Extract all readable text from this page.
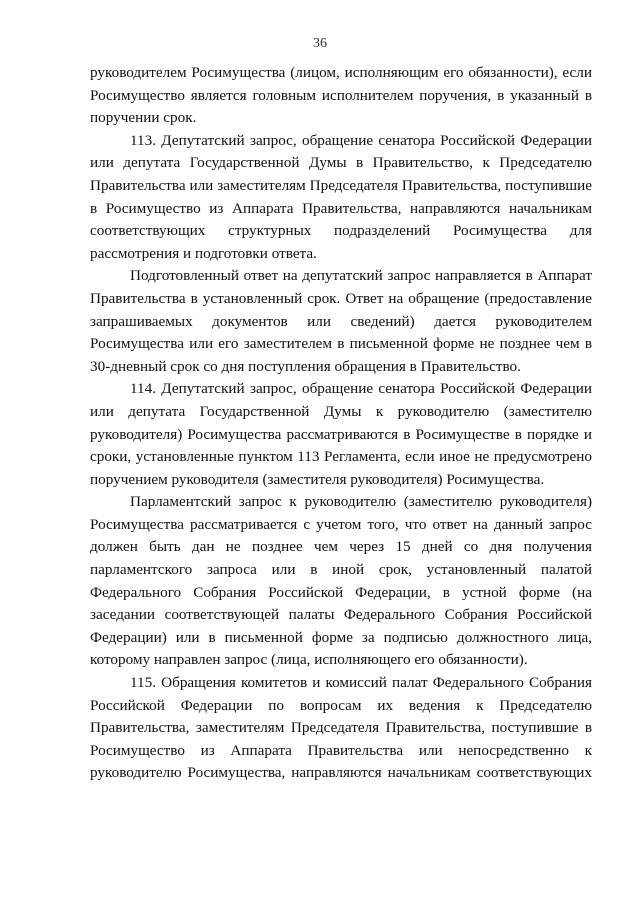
36

руководителем Росимущества (лицом, исполняющим его обязанности), если Росимущество является головным исполнителем поручения, в указанный в поручении срок.

113. Депутатский запрос, обращение сенатора Российской Федерации или депутата Государственной Думы в Правительство, к Председателю Правительства или заместителям Председателя Правительства, поступившие в Росимущество из Аппарата Правительства, направляются начальникам соответствующих структурных подразделений Росимущества для рассмотрения и подготовки ответа.

Подготовленный ответ на депутатский запрос направляется в Аппарат Правительства в установленный срок. Ответ на обращение (предоставление запрашиваемых документов или сведений) дается руководителем Росимущества или его заместителем в письменной форме не позднее чем в 30-дневный срок со дня поступления обращения в Правительство.

114. Депутатский запрос, обращение сенатора Российской Федерации или депутата Государственной Думы к руководителю (заместителю руководителя) Росимущества рассматриваются в Росимуществе в порядке и сроки, установленные пунктом 113 Регламента, если иное не предусмотрено поручением руководителя (заместителя руководителя) Росимущества.

Парламентский запрос к руководителю (заместителю руководителя) Росимущества рассматривается с учетом того, что ответ на данный запрос должен быть дан не позднее чем через 15 дней со дня получения парламентского запроса или в иной срок, установленный палатой Федерального Собрания Российской Федерации, в устной форме (на заседании соответствующей палаты Федерального Собрания Российской Федерации) или в письменной форме за подписью должностного лица, которому направлен запрос (лица, исполняющего его обязанности).

115. Обращения комитетов и комиссий палат Федерального Собрания Российской Федерации по вопросам их ведения к Председателю Правительства, заместителям Председателя Правительства, поступившие в Росимущество из Аппарата Правительства или непосредственно к руководителю Росимущества, направляются начальникам соответствующих
